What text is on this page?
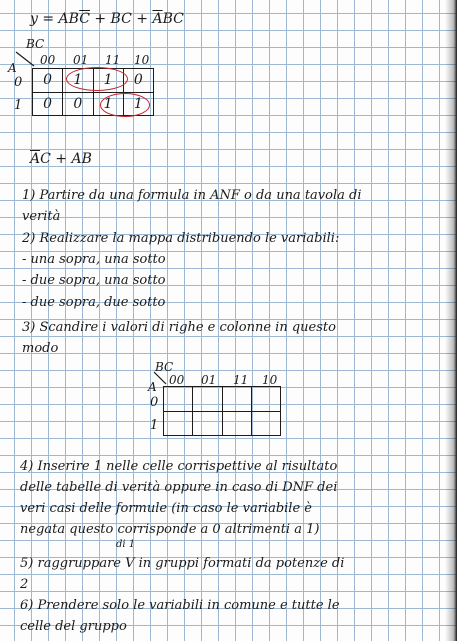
$y = AB\overline{C}$ + BC + $\overline{A}BC$
BC
A
00 01 11 10
0
1
0	1	1	0
0	0	1	1
$\overline{A}C$ + AB
1) Partire da una formula in ANF o da una tavola di
verità
2) Realizzare la mappa distribuendo le variabili:
- una sopra, una sotto
- due sopra, una sotto
- due sopra, due sotto
3) Scandire i valori di righe e colonne in questo
modo
BC
A 00 01 11 10
0
1

4) Inserire 1 nelle celle corrispettive al risultato
delle tabelle di verità oppure in caso di DNF dei
veri casi delle formule (in caso le variabile è
negata questo corrisponde a 0 altrimenti a 1)
di 1
5) raggruppare V in gruppi formati da potenze di
2
6) Prendere solo le variabili in comune e tutte le
celle del gruppo
